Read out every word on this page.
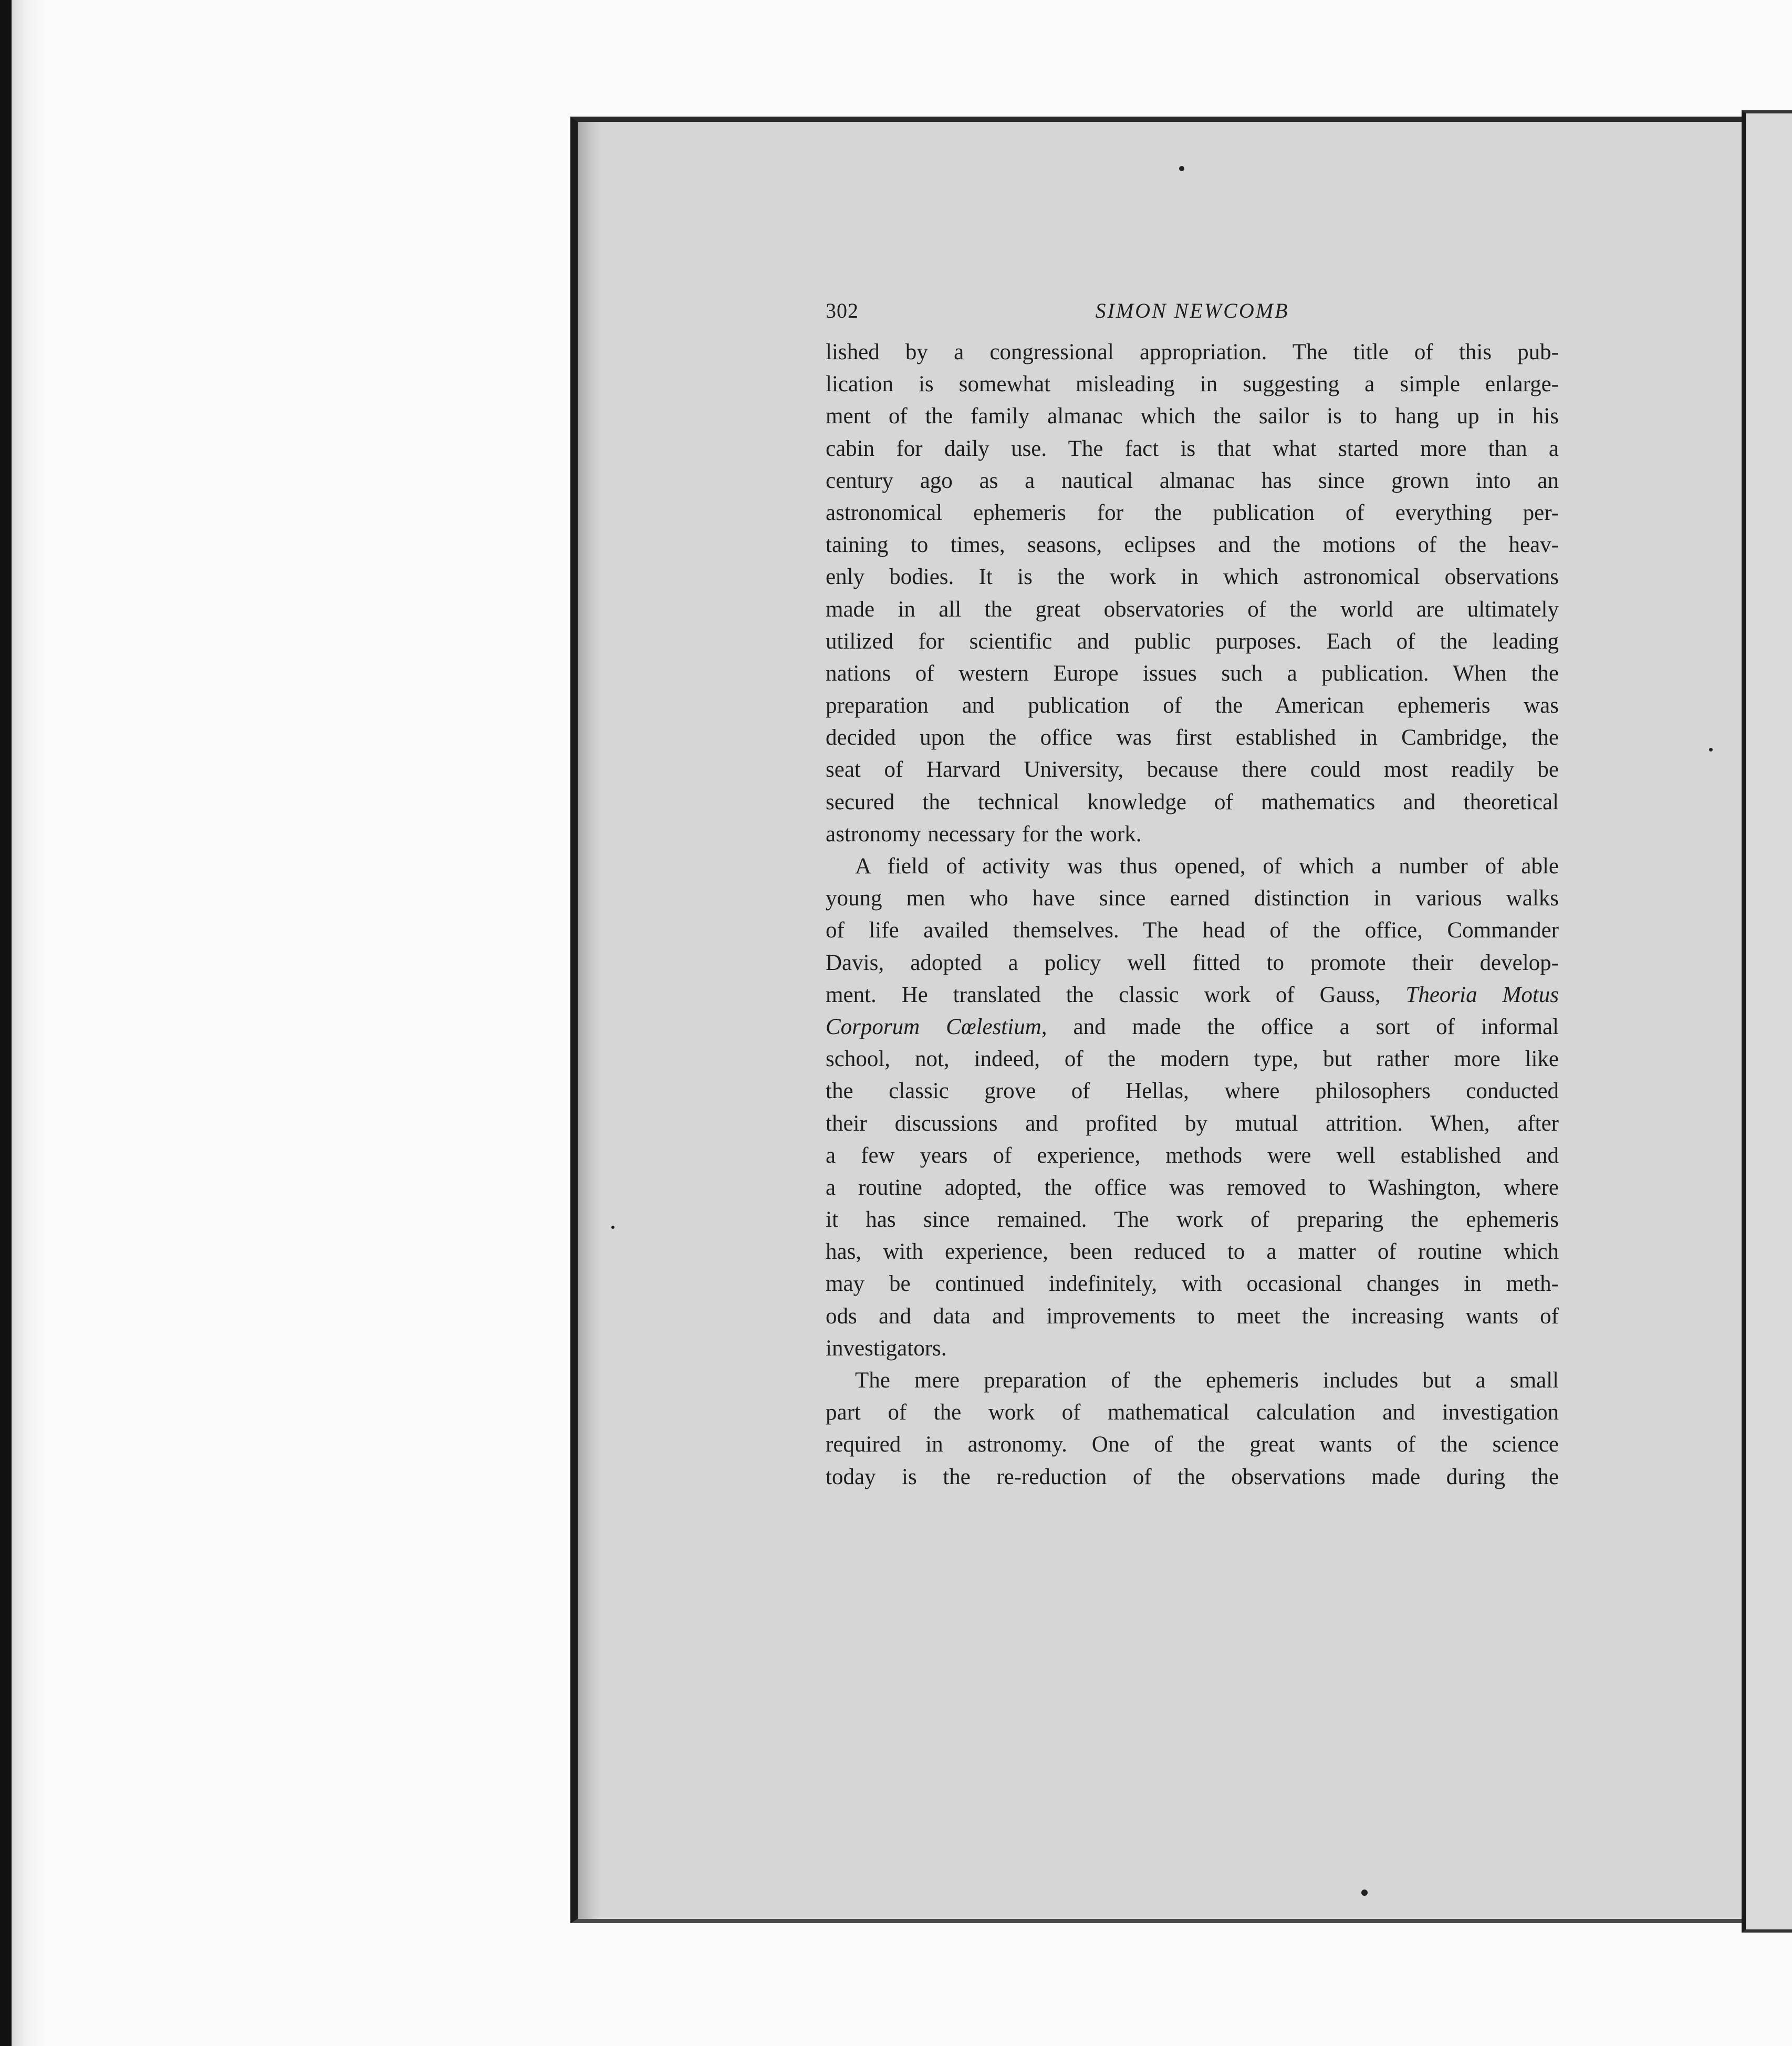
302	SIMON NEWCOMB
lished by a congressional appropriation. The title of this pub-
lication is somewhat misleading in suggesting a simple enlarge-
ment of the family almanac which the sailor is to hang up in his
cabin for daily use. The fact is that what started more than a
century ago as a nautical almanac has since grown into an
astronomical ephemeris for the publication of everything per-
taining to times, seasons, eclipses and the motions of the heav-
enly bodies. It is the work in which astronomical observations
made in all the great observatories of the world are ultimately
utilized for scientific and public purposes. Each of the leading
nations of western Europe issues such a publication. When the
preparation and publication of the American ephemeris was
decided upon the office was first established in Cambridge, the
seat of Harvard University, because there could most readily be
secured the technical knowledge of mathematics and theoretical
astronomy necessary for the work.
A field of activity was thus opened, of which a number of able
young men who have since earned distinction in various walks
of life availed themselves. The head of the office, Commander
Davis, adopted a policy well fitted to promote their develop-
ment. He translated the classic work of Gauss, Theoria Motus
Corporum Cœlestium, and made the office a sort of informal
school, not, indeed, of the modern type, but rather more like
the classic grove of Hellas, where philosophers conducted
their discussions and profited by mutual attrition. When, after
a few years of experience, methods were well established and
a routine adopted, the office was removed to Washington, where
it has since remained. The work of preparing the ephemeris
has, with experience, been reduced to a matter of routine which
may be continued indefinitely, with occasional changes in meth-
ods and data and improvements to meet the increasing wants of
investigators.
The mere preparation of the ephemeris includes but a small
part of the work of mathematical calculation and investigation
required in astronomy. One of the great wants of the science
today is the re-reduction of the observations made during the
